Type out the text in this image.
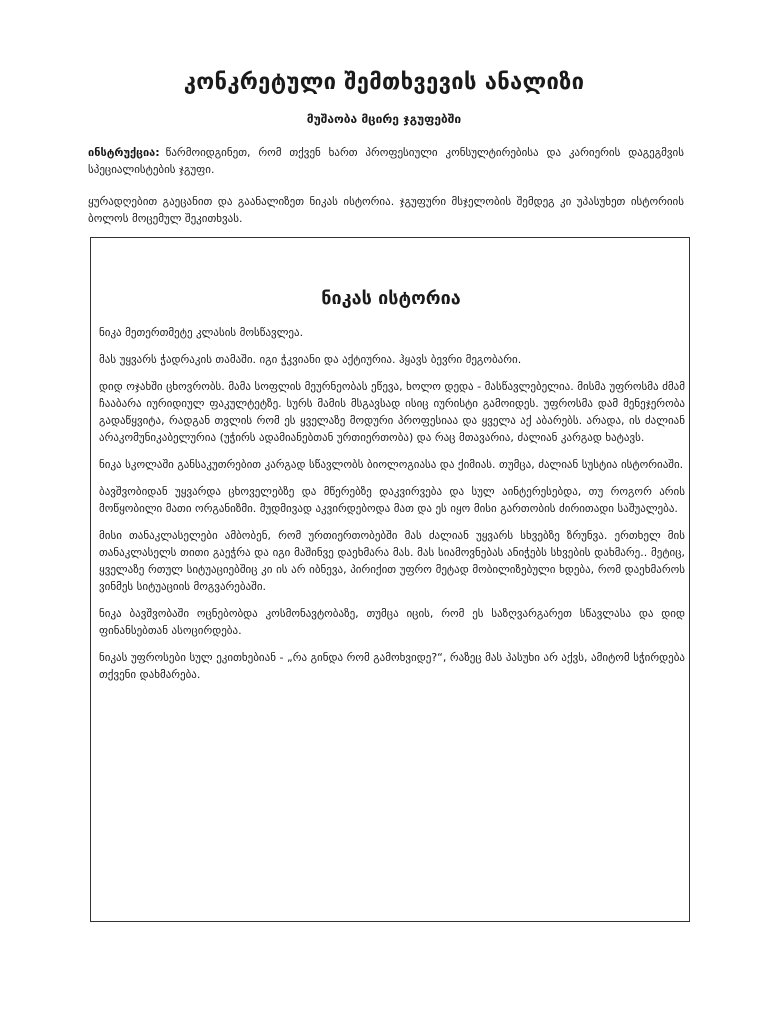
კონკრეტული შემთხვევის ანალიზი
მუშაობა მცირე ჯგუფებში
ინსტრუქცია: წარმოიდგინეთ, რომ თქვენ ხართ პროფესიული კონსულტირებისა და კარიერის დაგეგმვის სპეციალისტების ჯგუფი.
ყურადღებით გაეცანით და გაანალიზეთ ნიკას ისტორია. ჯგუფური მსჯელობის შემდეგ კი უპასუხეთ ისტორიის ბოლოს მოცემულ შეკითხვას.
ნიკას ისტორია

ნიკა მეთერთმეტე კლასის მოსწავლეა.

მას უყვარს ჭადრაკის თამაში. იგი ჭკვიანი და აქტიურია. ჰყავს ბევრი მეგობარი.

დიდ ოჯახში ცხოვრობს. მამა სოფლის მეურნეობას ეწევა, ხოლო დედა - მასწავლებელია. მისმა უფროსმა ძმამ ჩააბარა იურიდიულ ფაკულტეტზე. სურს მამის მსგავსად ისიც იურისტი გამოიდეს. უფროსმა დამ მენეჯერობა გადაწყვიტა, რადგან თვლის რომ ეს ყველაზე მოდური პროფესიაა და ყველა აქ აბარებს. არადა, ის ძალიან არაკომუნიკაბელურია (უჭირს ადამიანებთან ურთიერთობა) და რაც მთავარია, ძალიან კარგად ხატავს.

ნიკა სკოლაში განსაკუთრებით კარგად სწავლობს ბიოლოგიასა და ქიმიას. თუმცა, ძალიან სუსტია ისტორიაში.

ბავშვობიდან უყვარდა ცხოველებზე და მწერებზე დაკვირვება და სულ აინტერესებდა, თუ როგორ არის მოწყობილი მათი ორგანიზმი. მუდმივად აკვირდებოდა მათ და ეს იყო მისი გართობის ძირითადი საშუალება.

მისი თანაკლასელები ამბობენ, რომ ურთიერთობებში მას ძალიან უყვარს სხვებზე ზრუნვა. ერთხელ მის თანაკლასელს თითი გაეჭრა და იგი მაშინვე დაეხმარა მას. მას სიამოვნებას ანიჭებს სხვების დახმარე.. მეტიც, ყველაზე რთულ სიტუაციებშიც კი ის არ იბნევა, პირიქით უფრო მეტად მობილიზებული ხდება, რომ დაეხმაროს ვინმეს სიტუაციის მოგვარებაში.

ნიკა ბავშვობაში ოცნებობდა კოსმონავტობაზე, თუმცა იცის, რომ ეს საზღვარგარეთ სწავლასა და დიდ ფინანსებთან ასოცირდება.

ნიკას უფროსები სულ ეკითხებიან - „რა გინდა რომ გამოხვიდე?“, რაზეც მას პასუხი არ აქვს, ამიტომ სჭირდება თქვენი დახმარება.
